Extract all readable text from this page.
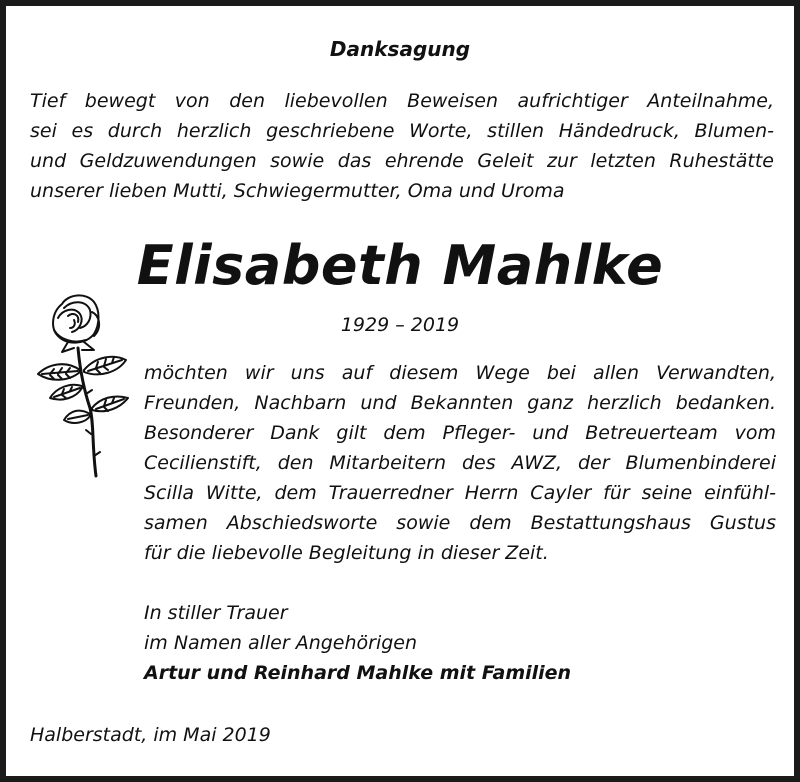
Danksagung
Tief bewegt von den liebevollen Beweisen aufrichtiger Anteilnahme,
sei es durch herzlich geschriebene Worte, stillen Händedruck, Blumen-
und Geldzuwendungen sowie das ehrende Geleit zur letzten Ruhestätte
unserer lieben Mutti, Schwiegermutter, Oma und Uroma
Elisabeth Mahlke
1929 – 2019
möchten wir uns auf diesem Wege bei allen Verwandten,
Freunden, Nachbarn und Bekannten ganz herzlich bedanken.
Besonderer Dank gilt dem Pfleger- und Betreuerteam vom
Cecilienstift, den Mitarbeitern des AWZ, der Blumenbinderei
Scilla Witte, dem Trauerredner Herrn Cayler für seine einfühl-
samen Abschiedsworte sowie dem Bestattungshaus Gustus
für die liebevolle Begleitung in dieser Zeit.
In stiller Trauer
im Namen aller Angehörigen
Artur und Reinhard Mahlke mit Familien
Halberstadt, im Mai 2019
